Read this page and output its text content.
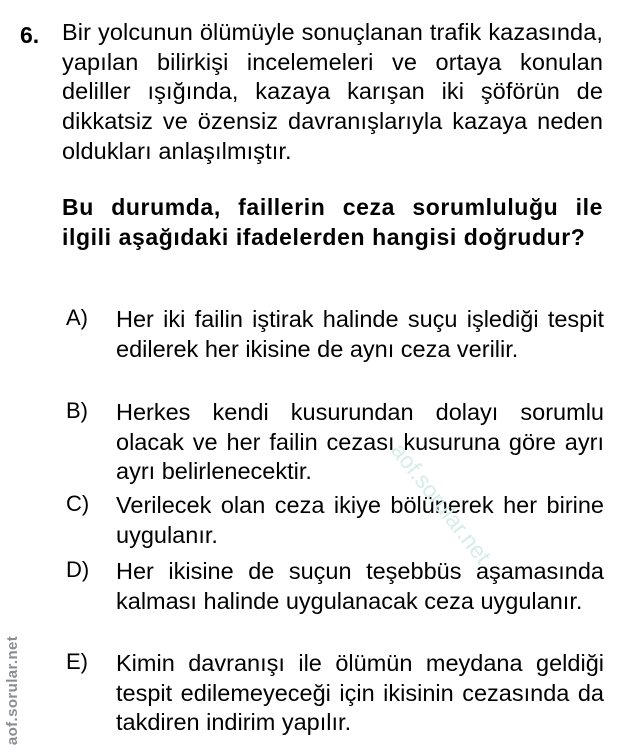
6. Bir yolcunun ölümüyle sonuçlanan trafik kazasında, yapılan bilirkişi incelemeleri ve ortaya konulan deliller ışığında, kazaya karışan iki şöförün de dikkatsiz ve özensiz davranışlarıyla kazaya neden oldukları anlaşılmıştır.
Bu durumda, faillerin ceza sorumluluğu ile ilgili aşağıdaki ifadelerden hangisi doğrudur?
A) Her iki failin iştirak halinde suçu işlediği tespit edilerek her ikisine de aynı ceza verilir.
B) Herkes kendi kusurundan dolayı sorumlu olacak ve her failin cezası kusuruna göre ayrı ayrı belirlenecektir.
C) Verilecek olan ceza ikiye bölünerek her birine uygulanır.
D) Her ikisine de suçun teşebbüs aşamasında kalması halinde uygulanacak ceza uygulanır.
E) Kimin davranışı ile ölümün meydana geldiği tespit edilemeyeceği için ikisinin cezasında da takdiren indirim yapılır.
aof.sorular.net
aof.sorular.net
